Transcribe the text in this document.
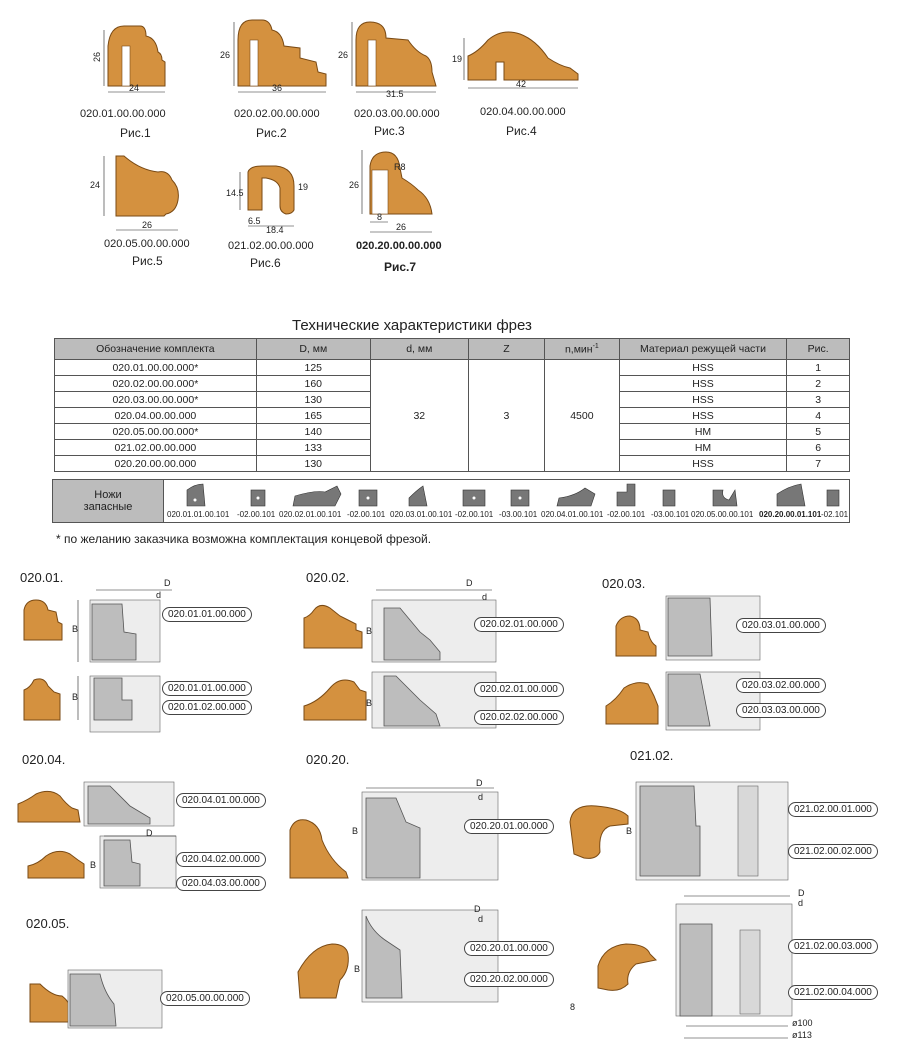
26
24
26
36
26
31.5
19
42
24
26
14.5
19
6.5
18.4
26
R8
8
26
020.01.00.00.000
Рис.1
020.02.00.00.000
Рис.2
020.03.00.00.000
Рис.3
020.04.00.00.000
Рис.4
020.05.00.00.000
Рис.5
021.02.00.00.000
Рис.6
020.20.00.00.000
Рис.7
Технические характеристики фрез
Обозначение комплекта	D, мм	d, мм	Z	n,мин$^{-1}$	Материал режущей части	Рис.
020.01.00.00.000*	125	32	3	4500	HSS	1
020.02.00.00.000*	160				HSS	2
020.03.00.00.000*	130				HSS	3
020.04.00.00.000	165				HSS	4
020.05.00.00.000*	140				HM	5
021.02.00.00.000	133				HM	6
020.20.00.00.000	130				HSS	7
Ножи запасные
020.01.01.00.101 -02.00.101 020.02.01.00.101 -02.00.101 020.03.01.00.101 -02.00.101 -03.00.101 020.04.01.00.101 -02.00.101 -03.00.101 020.05.00.00.101 020.20.00.01.101 -02.101
* по желанию заказчика возможна комплектация концевой фрезой.
B
B
D
d
D
d
B
B
D
B
D
d
B	B
B
D
d
D
d
8
ø100
ø113
020.01.	020.02.	020.03.
020.04.	020.20.	021.02.
020.05.
020.01.01.00.000
020.01.01.00.000
020.01.02.00.000
020.02.01.00.000
020.02.01.00.000
020.02.02.00.000
020.03.01.00.000
020.03.02.00.000
020.03.03.00.000
020.04.01.00.000
020.04.02.00.000
020.04.03.00.000
020.20.01.00.000
020.20.01.00.000
020.20.02.00.000
021.02.00.01.000
021.02.00.02.000
021.02.00.03.000
021.02.00.04.000
020.05.00.00.000
